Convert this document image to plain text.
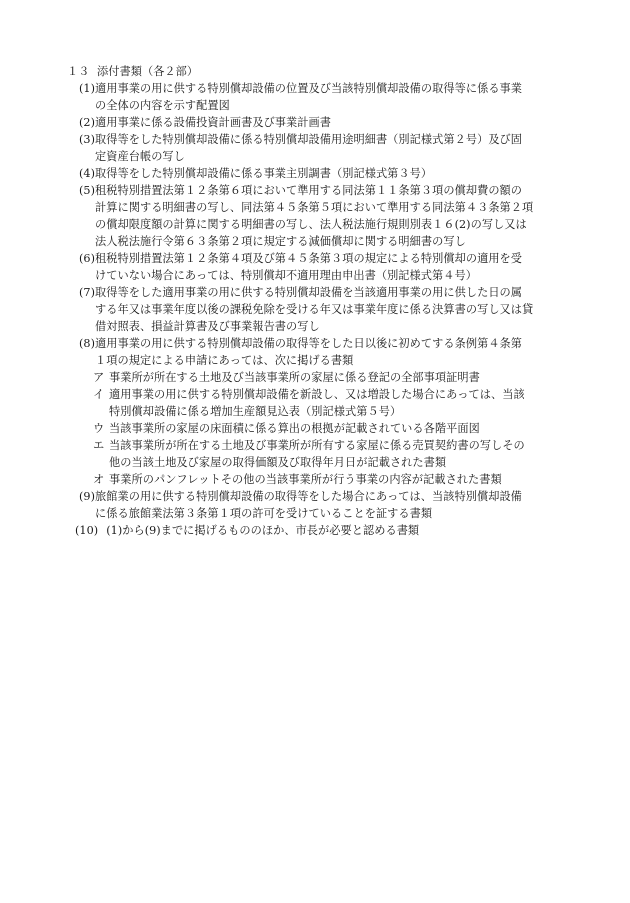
１３ 添付書類（各２部）
(1) 適用事業の用に供する特別償却設備の位置及び当該特別償却設備の取得等に係る事業
の全体の内容を示す配置図
(2) 適用事業に係る設備投資計画書及び事業計画書
(3) 取得等をした特別償却設備に係る特別償却設備用途明細書（別記様式第２号）及び固
定資産台帳の写し
(4) 取得等をした特別償却設備に係る事業主別調書（別記様式第３号）
(5) 租税特別措置法第１２条第６項において準用する同法第１１条第３項の償却費の額の
計算に関する明細書の写し、同法第４５条第５項において準用する同法第４３条第２項
の償却限度額の計算に関する明細書の写し、法人税法施行規則別表１６(2)の写し又は
法人税法施行令第６３条第２項に規定する減価償却に関する明細書の写し
(6) 租税特別措置法第１２条第４項及び第４５条第３項の規定による特別償却の適用を受
けていない場合にあっては、特別償却不適用理由申出書（別記様式第４号）
(7) 取得等をした適用事業の用に供する特別償却設備を当該適用事業の用に供した日の属
する年又は事業年度以後の課税免除を受ける年又は事業年度に係る決算書の写し又は貸
借対照表、損益計算書及び事業報告書の写し
(8) 適用事業の用に供する特別償却設備の取得等をした日以後に初めてする条例第４条第
１項の規定による申請にあっては、次に掲げる書類
ア 事業所が所在する土地及び当該事業所の家屋に係る登記の全部事項証明書
イ 適用事業の用に供する特別償却設備を新設し、又は増設した場合にあっては、当該
特別償却設備に係る増加生産額見込表（別記様式第５号）
ウ 当該事業所の家屋の床面積に係る算出の根拠が記載されている各階平面図
エ 当該事業所が所在する土地及び事業所が所有する家屋に係る売買契約書の写しその
他の当該土地及び家屋の取得価額及び取得年月日が記載された書類
オ 事業所のパンフレットその他の当該事業所が行う事業の内容が記載された書類
(9) 旅館業の用に供する特別償却設備の取得等をした場合にあっては、当該特別償却設備
に係る旅館業法第３条第１項の許可を受けていることを証する書類
(10)
　(1)から(9)までに掲げるもののほか、市長が必要と認める書類
